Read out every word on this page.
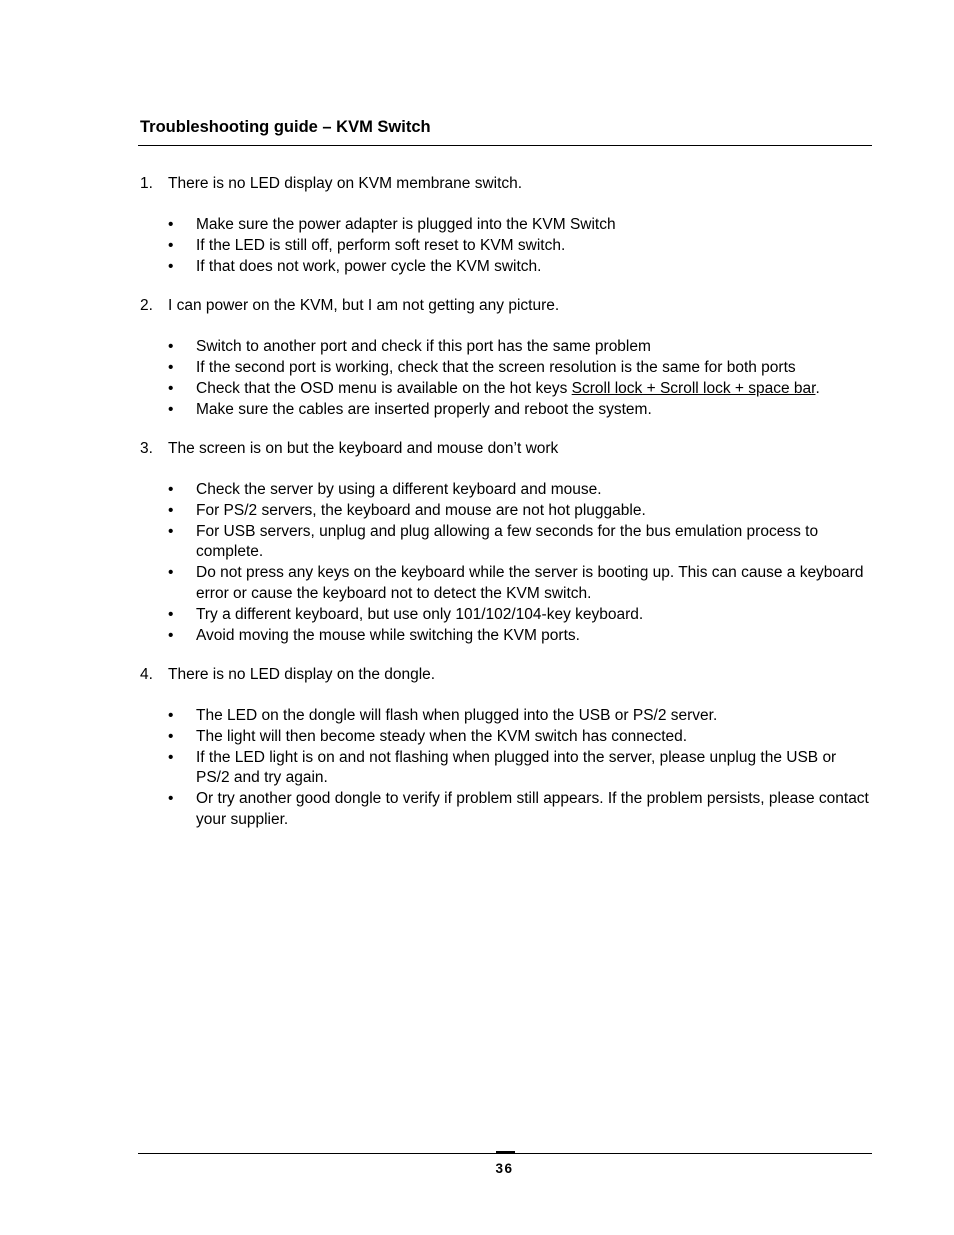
Troubleshooting guide – KVM Switch
1. There is no LED display on KVM membrane switch.
• Make sure the power adapter is plugged into the KVM Switch
• If the LED is still off, perform soft reset to KVM switch.
• If that does not work, power cycle the KVM switch.
2. I can power on the KVM, but I am not getting any picture.
• Switch to another port and check if this port has the same problem
• If the second port is working, check that the screen resolution is the same for both ports
• Check that the OSD menu is available on the hot keys Scroll lock + Scroll lock + space bar.
• Make sure the cables are inserted properly and reboot the system.
3. The screen is on but the keyboard and mouse don’t work
• Check the server by using a different keyboard and mouse.
• For PS/2 servers, the keyboard and mouse are not hot pluggable.
• For USB servers, unplug and plug allowing a few seconds for the bus emulation process to complete.
• Do not press any keys on the keyboard while the server is booting up. This can cause a keyboard error or cause the keyboard not to detect the KVM switch.
• Try a different keyboard, but use only 101/102/104-key keyboard.
• Avoid moving the mouse while switching the KVM ports.
4. There is no LED display on the dongle.
• The LED on the dongle will flash when plugged into the USB or PS/2 server.
• The light will then become steady when the KVM switch has connected.
• If the LED light is on and not flashing when plugged into the server, please unplug the USB or PS/2 and try again.
• Or try another good dongle to verify if problem still appears. If the problem persists, please contact your supplier.
36
